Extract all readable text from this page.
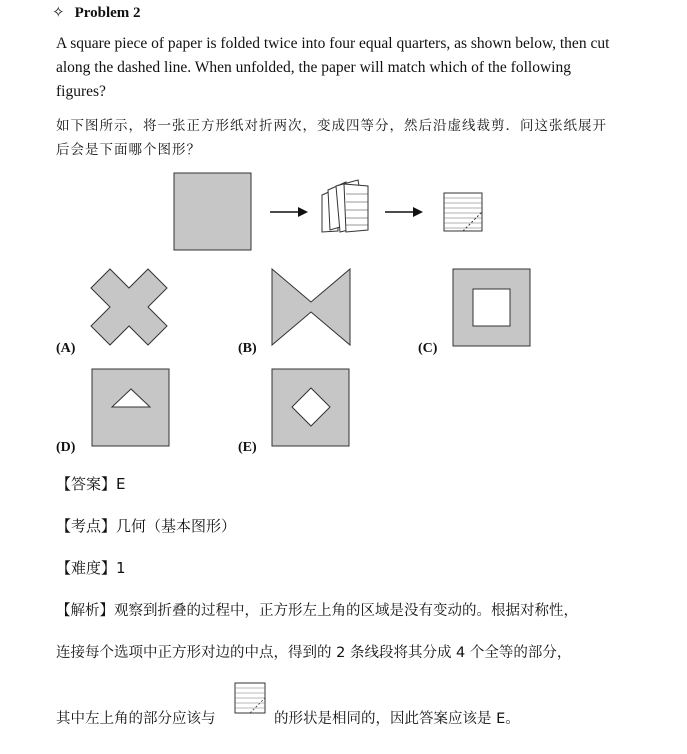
✧ Problem 2
A square piece of paper is folded twice into four equal quarters, as shown below, then cut along the dashed line. When unfolded, the paper will match which of the following figures?
如下图所示，将一张正方形纸对折两次，变成四等分，然后沿虚线裁剪．问这张纸展开后会是下面哪个图形？
(A)	(B)	(C)
(D)	(E)
【答案】E
【考点】几何（基本图形）
【难度】1
【解析】观察到折叠的过程中，正方形左上角的区域是没有变动的。根据对称性，
连接每个选项中正方形对边的中点，得到的 2 条线段将其分成 4 个全等的部分，
其中左上角的部分应该与	的形状是相同的，因此答案应该是 E。
